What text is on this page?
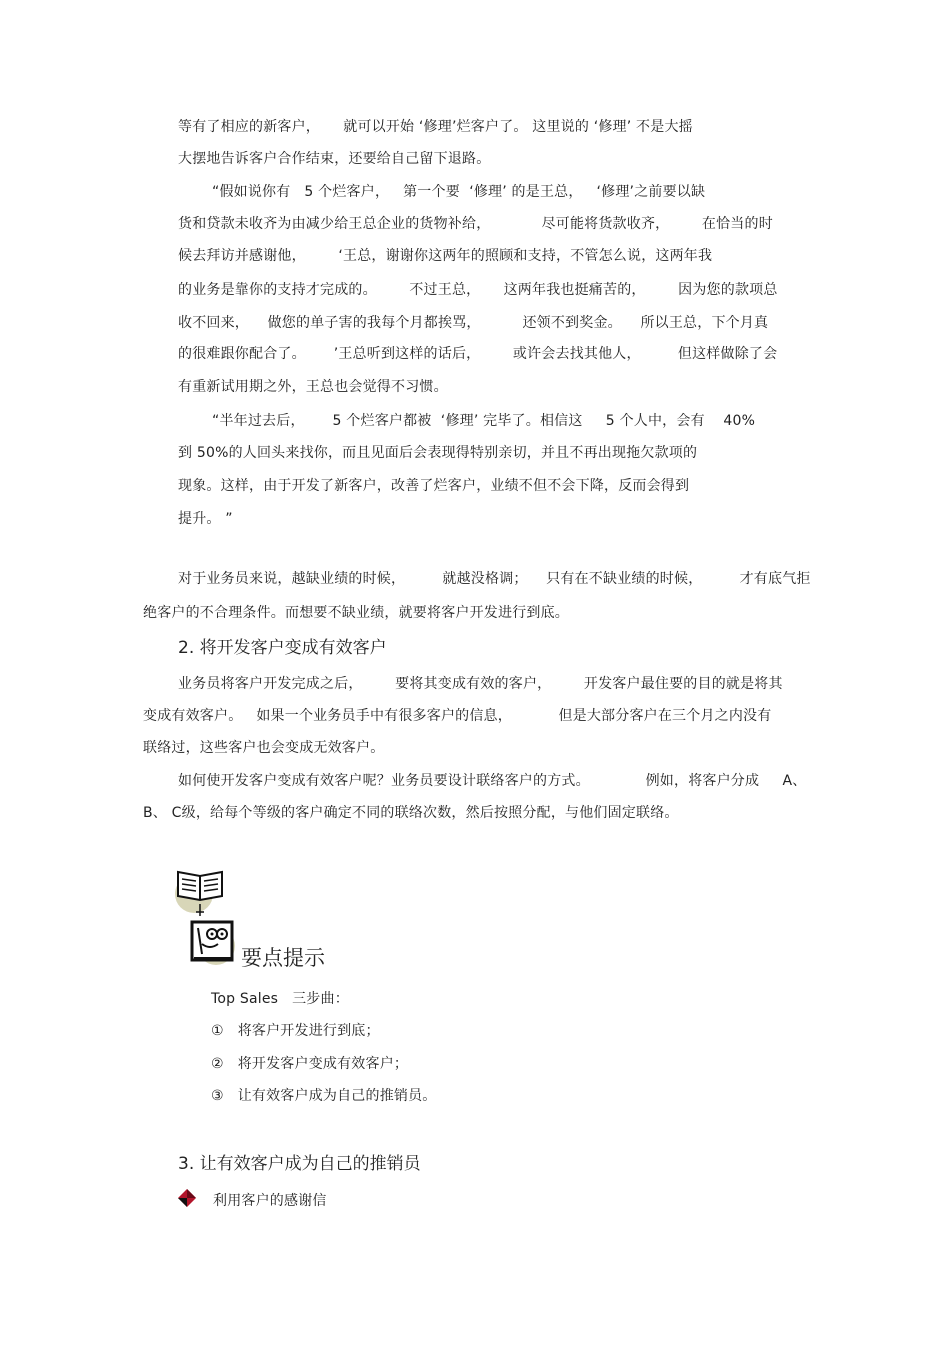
等有了相应的新客户，     就可以开始 ‘修理’烂客户了。 这里说的 ‘修理’ 不是大摇
大摆地告诉客户合作结束，还要给自己留下退路。
“假如说你有   5 个烂客户，   第一个要  ‘修理’ 的是王总，   ‘修理’之前要以缺
货和贷款未收齐为由减少给王总企业的货物补给，           尽可能将货款收齐，       在恰当的时
候去拜访并感谢他，       ‘王总，谢谢你这两年的照顾和支持，不管怎么说，这两年我
的业务是靠你的支持才完成的。       不过王总，     这两年我也挺痛苦的，       因为您的款项总
收不回来，    做您的单子害的我每个月都挨骂，         还领不到奖金。    所以王总，下个月真
的很难跟你配合了。      ’王总听到这样的话后，       或许会去找其他人，        但这样做除了会
有重新试用期之外，王总也会觉得不习惯。
“半年过去后，      5 个烂客户都被  ‘修理’ 完毕了。相信这     5 个人中，会有    40%
到 50%的人回头来找你，而且见面后会表现得特别亲切，并且不再出现拖欠款项的
现象。这样，由于开发了新客户，改善了烂客户，业绩不但不会下降，反而会得到
提升。 ”
对于业务员来说，越缺业绩的时候，        就越没格调；    只有在不缺业绩的时候，        才有底气拒
绝客户的不合理条件。而想要不缺业绩，就要将客户开发进行到底。
2. 将开发客户变成有效客户
业务员将客户开发完成之后，       要将其变成有效的客户，       开发客户最住要的目的就是将其
变成有效客户。   如果一个业务员手中有很多客户的信息，          但是大部分客户在三个月之内没有
联络过，这些客户也会变成无效客户。
如何使开发客户变成有效客户呢？业务员要设计联络客户的方式。            例如，将客户分成     A、
B、 C级，给每个等级的客户确定不同的联络次数，然后按照分配，与他们固定联络。
要点提示
Top Sales   三步曲：
①   将客户开发进行到底；
②   将开发客户变成有效客户；
③   让有效客户成为自己的推销员。
3. 让有效客户成为自己的推销员
利用客户的感谢信
